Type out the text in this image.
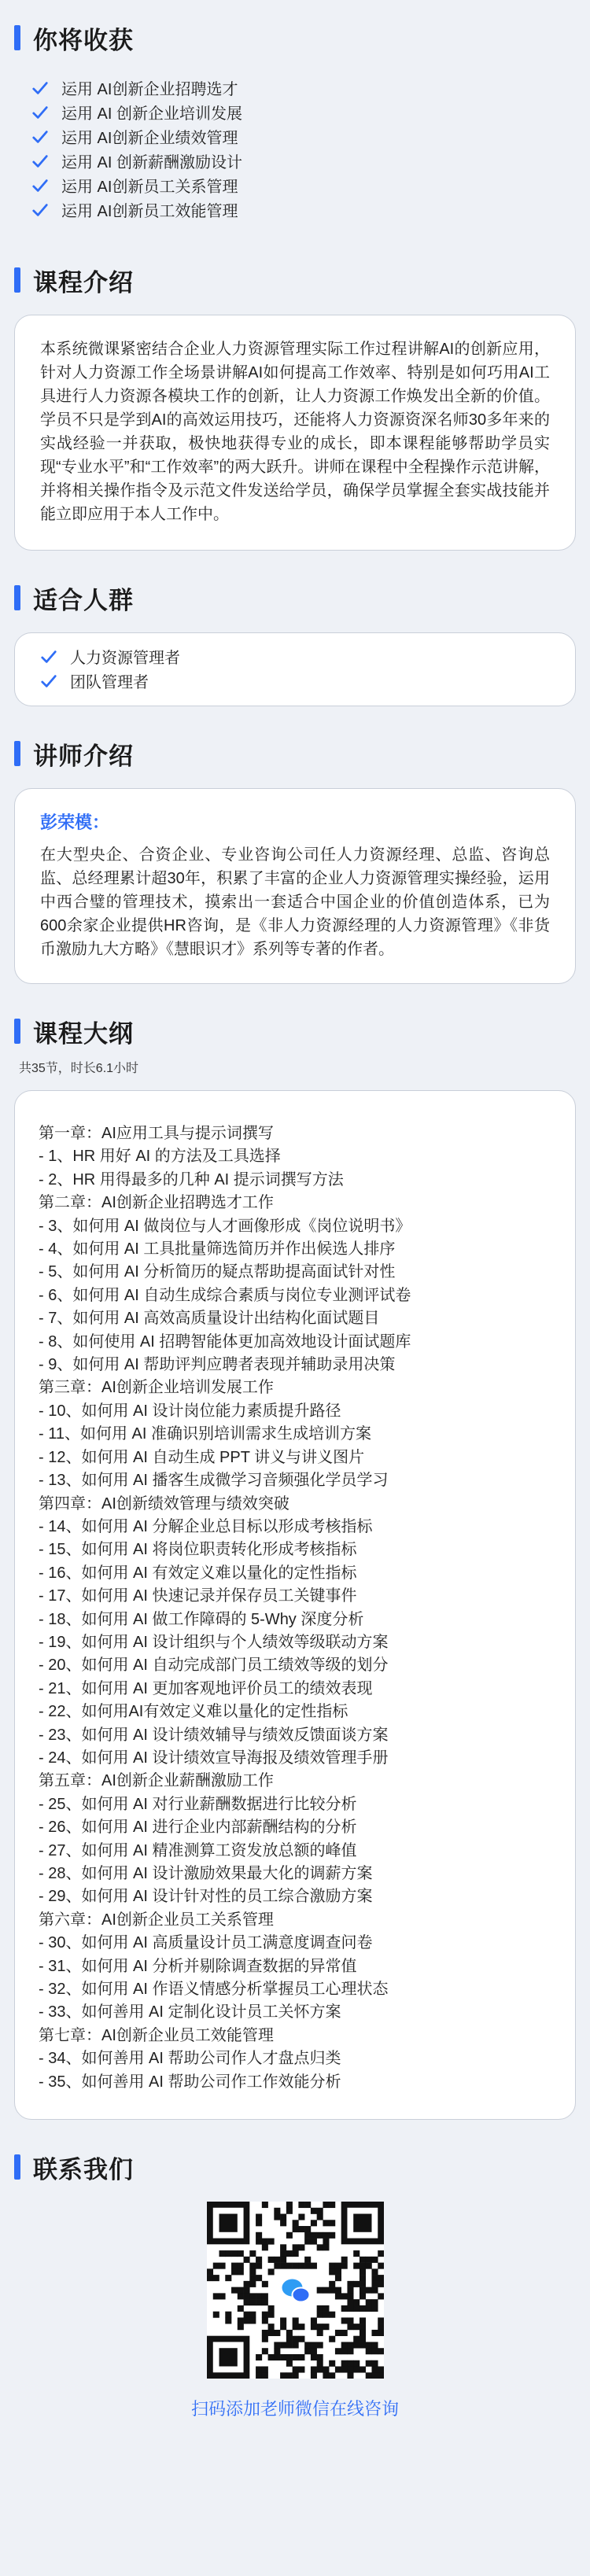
你将收获
运用 AI创新企业招聘选才
运用 AI 创新企业培训发展
运用 AI创新企业绩效管理
运用 AI 创新薪酬激励设计
运用 AI创新员工关系管理
运用 AI创新员工效能管理
课程介绍

本系统微课紧密结合企业人力资源管理实际工作过程讲解AI的创新应用，针对人力资源工作全场景讲解AI如何提高工作效率、特别是如何巧用AI工具进行人力资源各模块工作的创新，让人力资源工作焕发出全新的价值。学员不只是学到AI的高效运用技巧，还能将人力资源资深名师30多年来的实战经验一并获取，极快地获得专业的成长，即本课程能够帮助学员实现“专业水平”和“工作效率”的两大跃升。讲师在课程中全程操作示范讲解，并将相关操作指令及示范文件发送给学员，确保学员掌握全套实战技能并能立即应用于本人工作中。

适合人群
人力资源管理者
团队管理者
讲师介绍
彭荣模：

在大型央企、合资企业、专业咨询公司任人力资源经理、总监、咨询总监、总经理累计超30年，积累了丰富的企业人力资源管理实操经验，运用中西合璧的管理技术，摸索出一套适合中国企业的价值创造体系，已为600余家企业提供HR咨询，是《非人力资源经理的人力资源管理》《非货币激励九大方略》《慧眼识才》系列等专著的作者。

课程大纲
共35节，时长6.1小时
第一章：AI应用工具与提示词撰写
- 1、HR 用好 AI 的方法及工具选择
- 2、HR 用得最多的几种 AI 提示词撰写方法
第二章：AI创新企业招聘选才工作
- 3、如何用 AI 做岗位与人才画像形成《岗位说明书》
- 4、如何用 AI 工具批量筛选简历并作出候选人排序
- 5、如何用 AI 分析简历的疑点帮助提高面试针对性
- 6、如何用 AI 自动生成综合素质与岗位专业测评试卷
- 7、如何用 AI 高效高质量设计出结构化面试题目
- 8、如何使用 AI 招聘智能体更加高效地设计面试题库
- 9、如何用 AI 帮助评判应聘者表现并辅助录用决策
第三章：AI创新企业培训发展工作
- 10、如何用 AI 设计岗位能力素质提升路径
- 11、如何用 AI 准确识别培训需求生成培训方案
- 12、如何用 AI 自动生成 PPT 讲义与讲义图片
- 13、如何用 AI 播客生成微学习音频强化学员学习
第四章：AI创新绩效管理与绩效突破
- 14、如何用 AI 分解企业总目标以形成考核指标
- 15、如何用 AI 将岗位职责转化形成考核指标
- 16、如何用 AI 有效定义难以量化的定性指标
- 17、如何用 AI 快速记录并保存员工关键事件
- 18、如何用 AI 做工作障碍的 5-Why 深度分析
- 19、如何用 AI 设计组织与个人绩效等级联动方案
- 20、如何用 AI 自动完成部门员工绩效等级的划分
- 21、如何用 AI 更加客观地评价员工的绩效表现
- 22、如何用AI有效定义难以量化的定性指标
- 23、如何用 AI 设计绩效辅导与绩效反馈面谈方案
- 24、如何用 AI 设计绩效宣导海报及绩效管理手册
第五章：AI创新企业薪酬激励工作
- 25、如何用 AI 对行业薪酬数据进行比较分析
- 26、如何用 AI 进行企业内部薪酬结构的分析
- 27、如何用 AI 精准测算工资发放总额的峰值
- 28、如何用 AI 设计激励效果最大化的调薪方案
- 29、如何用 AI 设计针对性的员工综合激励方案
第六章：AI创新企业员工关系管理
- 30、如何用 AI 高质量设计员工满意度调查问卷
- 31、如何用 AI 分析并剔除调查数据的异常值
- 32、如何用 AI 作语义情感分析掌握员工心理状态
- 33、如何善用 AI 定制化设计员工关怀方案
第七章：AI创新企业员工效能管理
- 34、如何善用 AI 帮助公司作人才盘点归类
- 35、如何善用 AI 帮助公司作工作效能分析
联系我们
扫码添加老师微信在线咨询
